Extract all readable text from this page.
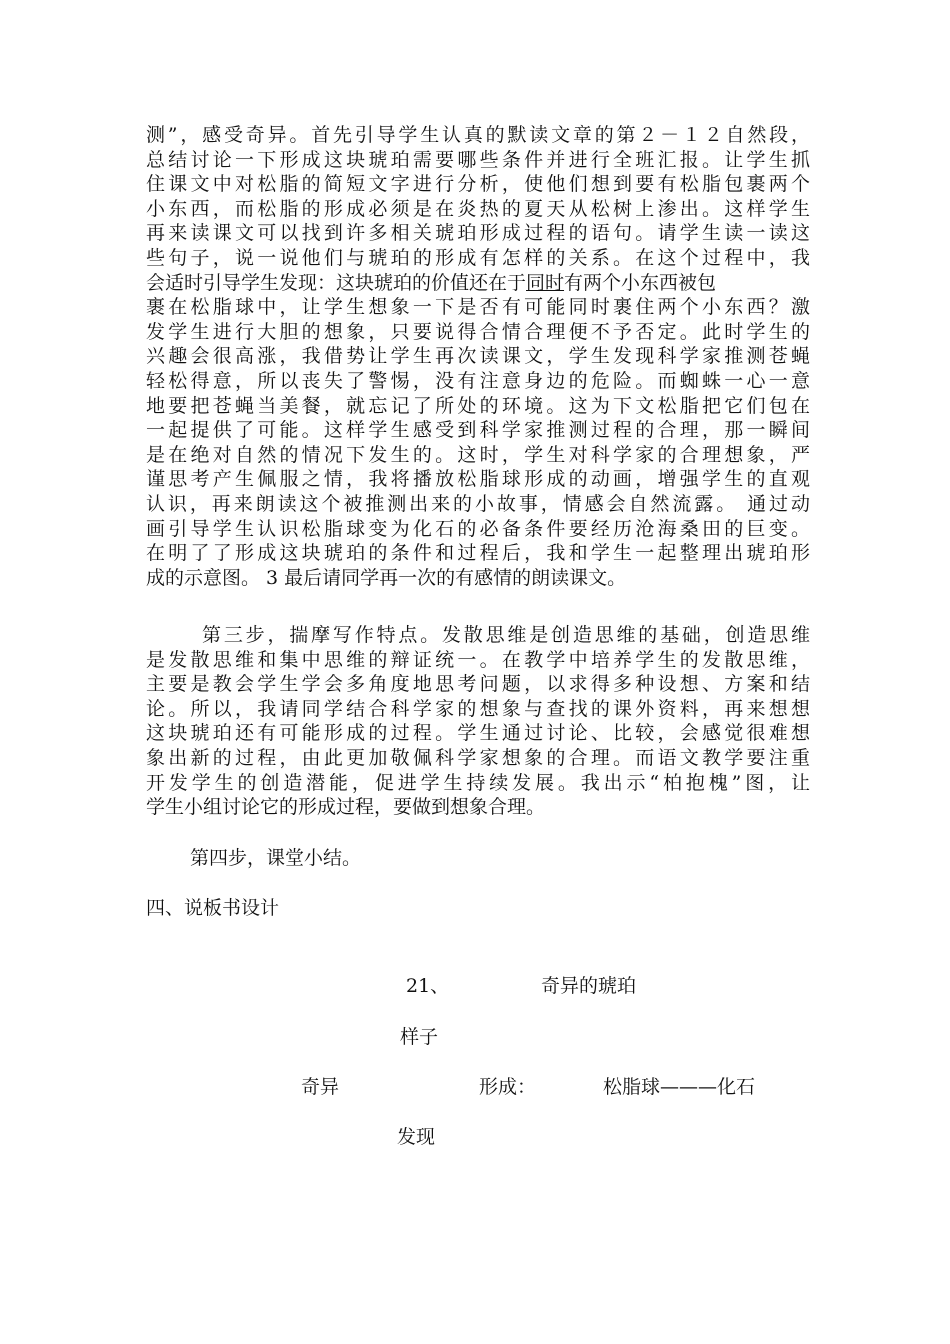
测”，感受奇异。首先引导学生认真的默读文章的第２－１２自然段，
总结讨论一下形成这块琥珀需要哪些条件并进行全班汇报。让学生抓
住课文中对松脂的简短文字进行分析，使他们想到要有松脂包裹两个
小东西，而松脂的形成必须是在炎热的夏天从松树上渗出。这样学生
再来读课文可以找到许多相关琥珀形成过程的语句。请学生读一读这
些句子，说一说他们与琥珀的形成有怎样的关系。在这个过程中，我
会适时引导学生发现：这块琥珀的价值还在于同时有两个小东西被包
裹在松脂球中，让学生想象一下是否有可能同时裹住两个小东西？激
发学生进行大胆的想象，只要说得合情合理便不予否定。此时学生的
兴趣会很高涨，我借势让学生再次读课文，学生发现科学家推测苍蝇
轻松得意，所以丧失了警惕，没有注意身边的危险。而蜘蛛一心一意
地要把苍蝇当美餐，就忘记了所处的环境。这为下文松脂把它们包在
一起提供了可能。这样学生感受到科学家推测过程的合理，那一瞬间
是在绝对自然的情况下发生的。这时，学生对科学家的合理想象，严
谨思考产生佩服之情，我将播放松脂球形成的动画，增强学生的直观
认识，再来朗读这个被推测出来的小故事，情感会自然流露。 通过动
画引导学生认识松脂球变为化石的必备条件要经历沧海桑田的巨变。
在明了了形成这块琥珀的条件和过程后，我和学生一起整理出琥珀形
成的示意图。 3 最后请同学再一次的有感情的朗读课文。
第三步，揣摩写作特点。发散思维是创造思维的基础，创造思维
是发散思维和集中思维的辩证统一。在教学中培养学生的发散思维，
主要是教会学生学会多角度地思考问题，以求得多种设想、方案和结
论。所以，我请同学结合科学家的想象与查找的课外资料，再来想想
这块琥珀还有可能形成的过程。学生通过讨论、比较，会感觉很难想
象出新的过程，由此更加敬佩科学家想象的合理。而语文教学要注重
开发学生的创造潜能，促进学生持续发展。我出示“柏抱槐”图，让
学生小组讨论它的形成过程，要做到想象合理。
第四步，课堂小结。
四、说板书设计
21、	奇异的琥珀
样子
奇异	形成：	松脂球———化石
发现
